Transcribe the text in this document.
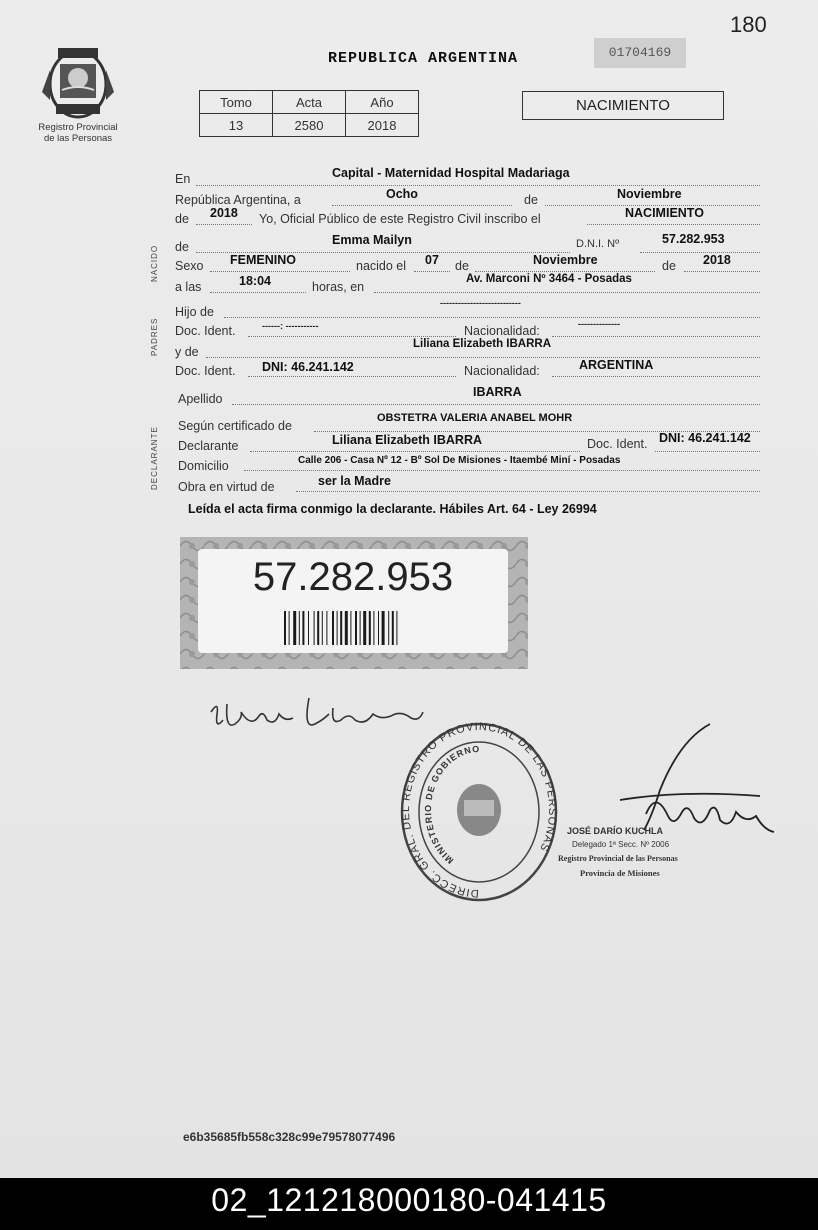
180
Registro Provincial
de las Personas
REPUBLICA ARGENTINA	01704169
Tomo	Acta	Año
13	2580	2018
NACIMIENTO
NACIDO
PADRES
DECLARANTE
En	Capital - Maternidad Hospital Madariaga
República Argentina, a	Ocho	de	Noviembre
de 2018 Yo, Oficial Público de este Registro Civil inscribo el	NACIMIENTO
de	Emma Mailyn	D.N.I. Nº	57.282.953
Sexo FEMENINO	nacido el 07 de	Noviembre	de 2018
a las	18:04	horas, en
Av. Marconi Nº 3464 - Posadas
Hijo de
---------------------------
Doc. Ident.	------: -----------	Nacionalidad:	--------------
y de
Liliana Elizabeth IBARRA
Doc. Ident. DNI: 46.241.142	Nacionalidad:	ARGENTINA
Apellido	IBARRA
Según certificado de
OBSTETRA VALERIA ANABEL MOHR
Declarante	Liliana Elizabeth IBARRA	Doc. Ident. DNI: 46.241.142
Domicilio	Calle 206 - Casa Nº 12 - Bº Sol De Misiones - Itaembé Miní - Posadas
Obra en virtud de	ser la Madre
Leída el acta firma conmigo la declarante. Hábiles Art. 64 - Ley 26994
57.282.953
DIRECC. GRAL. DEL REGISTRO PROVINCIAL DE LAS PERSONAS
MINISTERIO DE GOBIERNO
JOSÉ DARÍO KUCHLA
Delegado 1ª Secc. Nº 2006
Registro Provincial de las Personas
Provincia de Misiones
e6b35685fb558c328c99e79578077496
02_121218000180-041415
